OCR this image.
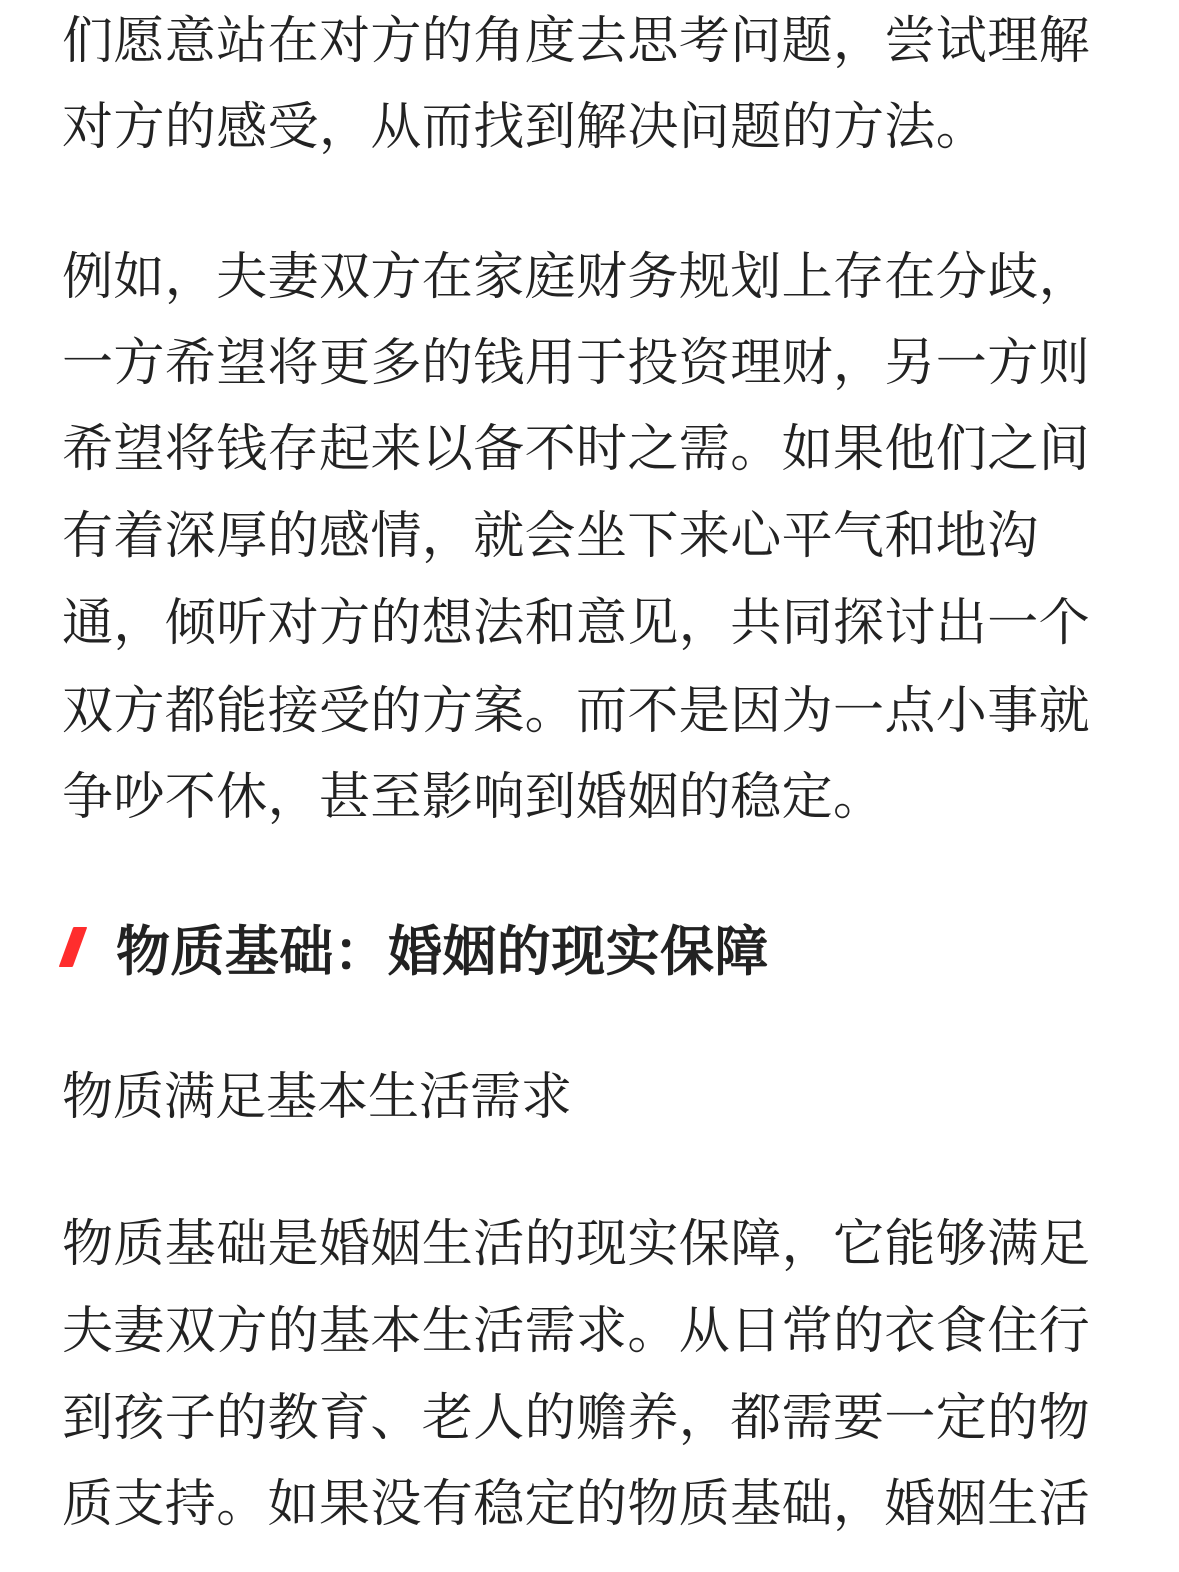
们愿意站在对方的角度去思考问题，尝试理解
对方的感受，从而找到解决问题的方法。
例如，夫妻双方在家庭财务规划上存在分歧，
一方希望将更多的钱用于投资理财，另一方则
希望将钱存起来以备不时之需。如果他们之间
有着深厚的感情，就会坐下来心平气和地沟
通，倾听对方的想法和意见，共同探讨出一个
双方都能接受的方案。而不是因为一点小事就
争吵不休，甚至影响到婚姻的稳定。
物质基础：婚姻的现实保障
物质满足基本生活需求
物质基础是婚姻生活的现实保障，它能够满足
夫妻双方的基本生活需求。从日常的衣食住行
到孩子的教育、老人的赡养，都需要一定的物
质支持。如果没有稳定的物质基础，婚姻生活
